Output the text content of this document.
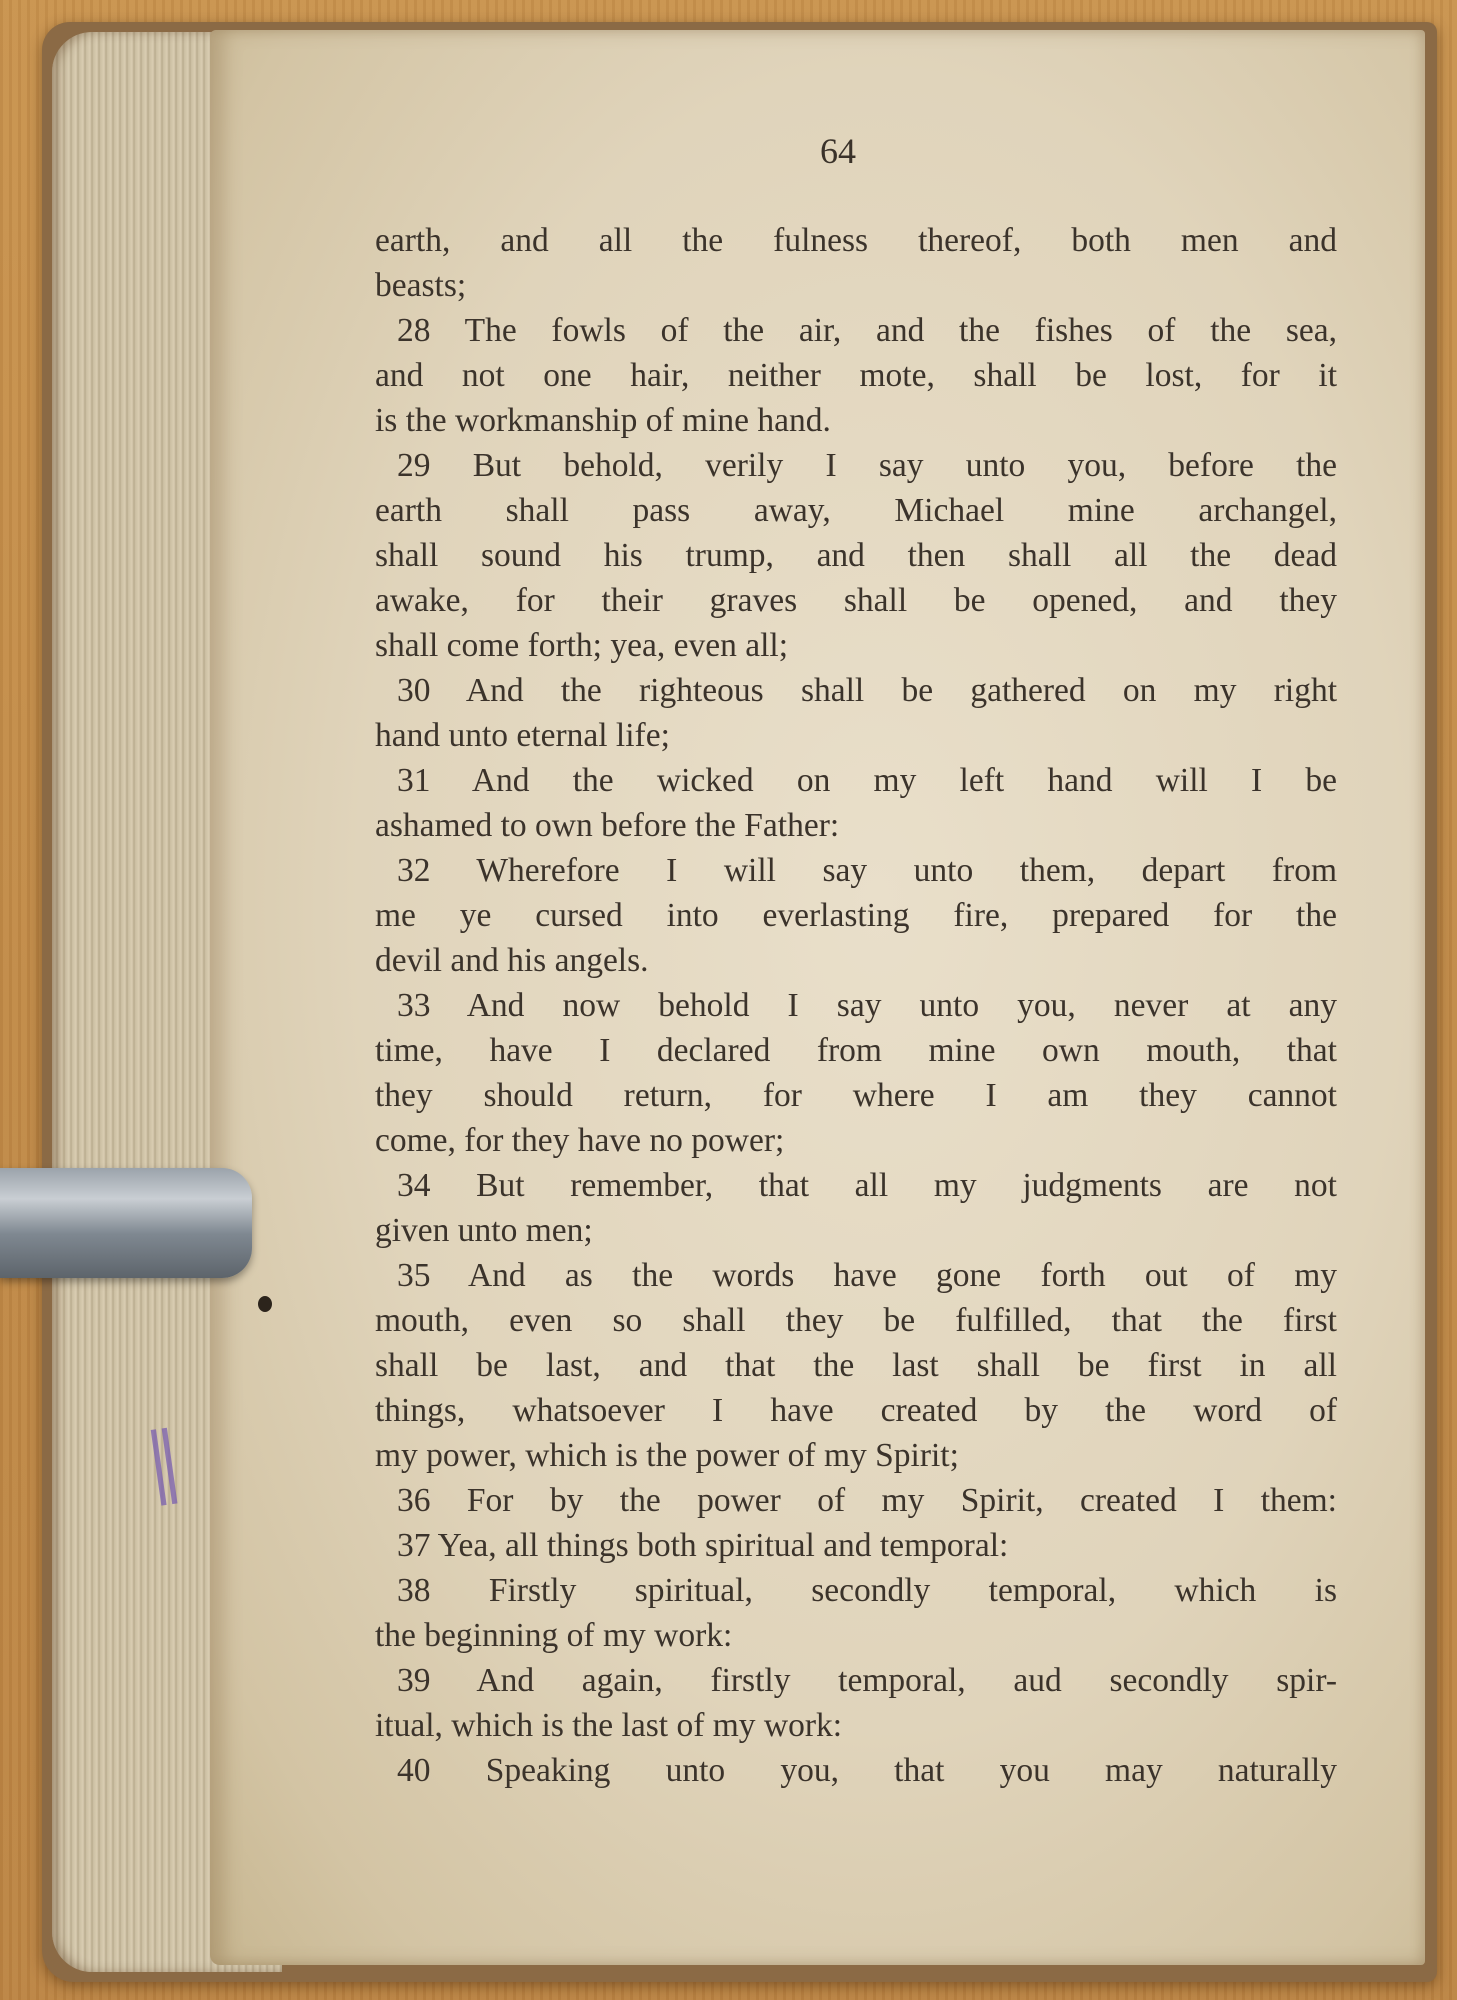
64
earth, and all the fulness thereof, both men and
beasts;
28 The fowls of the air, and the fishes of the sea,
and not one hair, neither mote, shall be lost, for it
is the workmanship of mine hand.
29 But behold, verily I say unto you, before the
earth shall pass away, Michael mine archangel,
shall sound his trump, and then shall all the dead
awake, for their graves shall be opened, and they
shall come forth; yea, even all;
30 And the righteous shall be gathered on my right
hand unto eternal life;
31 And the wicked on my left hand will I be
ashamed to own before the Father:
32 Wherefore I will say unto them, depart from
me ye cursed into everlasting fire, prepared for the
devil and his angels.
33 And now behold I say unto you, never at any
time, have I declared from mine own mouth, that
they should return, for where I am they cannot
come, for they have no power;
34 But remember, that all my judgments are not
given unto men;
35 And as the words have gone forth out of my
mouth, even so shall they be fulfilled, that the first
shall be last, and that the last shall be first in all
things, whatsoever I have created by the word of
my power, which is the power of my Spirit;
36 For by the power of my Spirit, created I them:
37 Yea, all things both spiritual and temporal:
38 Firstly spiritual, secondly temporal, which is
the beginning of my work:
39 And again, firstly temporal, aud secondly spir-
itual, which is the last of my work:
40 Speaking unto you, that you may naturally
‖
